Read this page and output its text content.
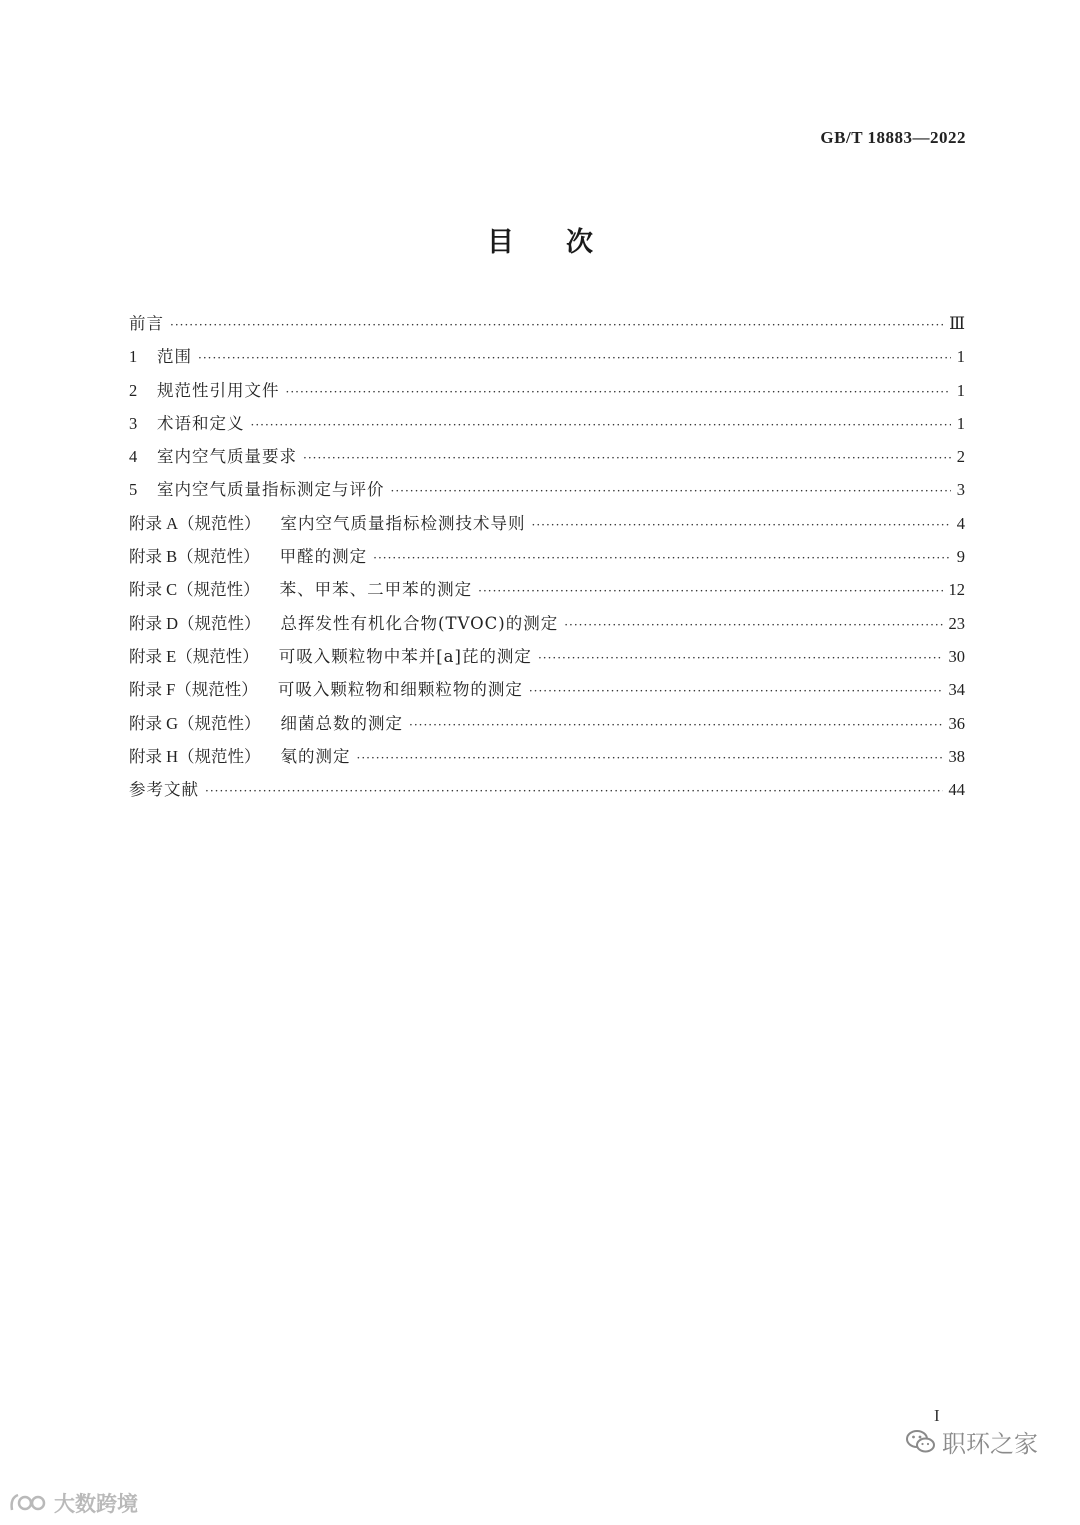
GB/T 18883—2022
目次
前言 ·····	Ⅲ
1	范围 ·····	1
2	规范性引用文件 ·····	1
3	术语和定义 ·····	1
4	室内空气质量要求 ·····	2
5	室内空气质量指标测定与评价 ·····	3
附录 A（规范性） 室内空气质量指标检测技术导则 ·····	4
附录 B（规范性） 甲醛的测定 ·····	9
附录 C（规范性） 苯、甲苯、二甲苯的测定 ·····	12
附录 D（规范性） 总挥发性有机化合物(TVOC)的测定 ·····	23
附录 E（规范性） 可吸入颗粒物中苯并[a]芘的测定 ·····	30
附录 F（规范性） 可吸入颗粒物和细颗粒物的测定 ·····	34
附录 G（规范性） 细菌总数的测定 ·····	36
附录 H（规范性） 氡的测定 ·····	38
参考文献 ·····	44
I
职环之家
大数跨境
